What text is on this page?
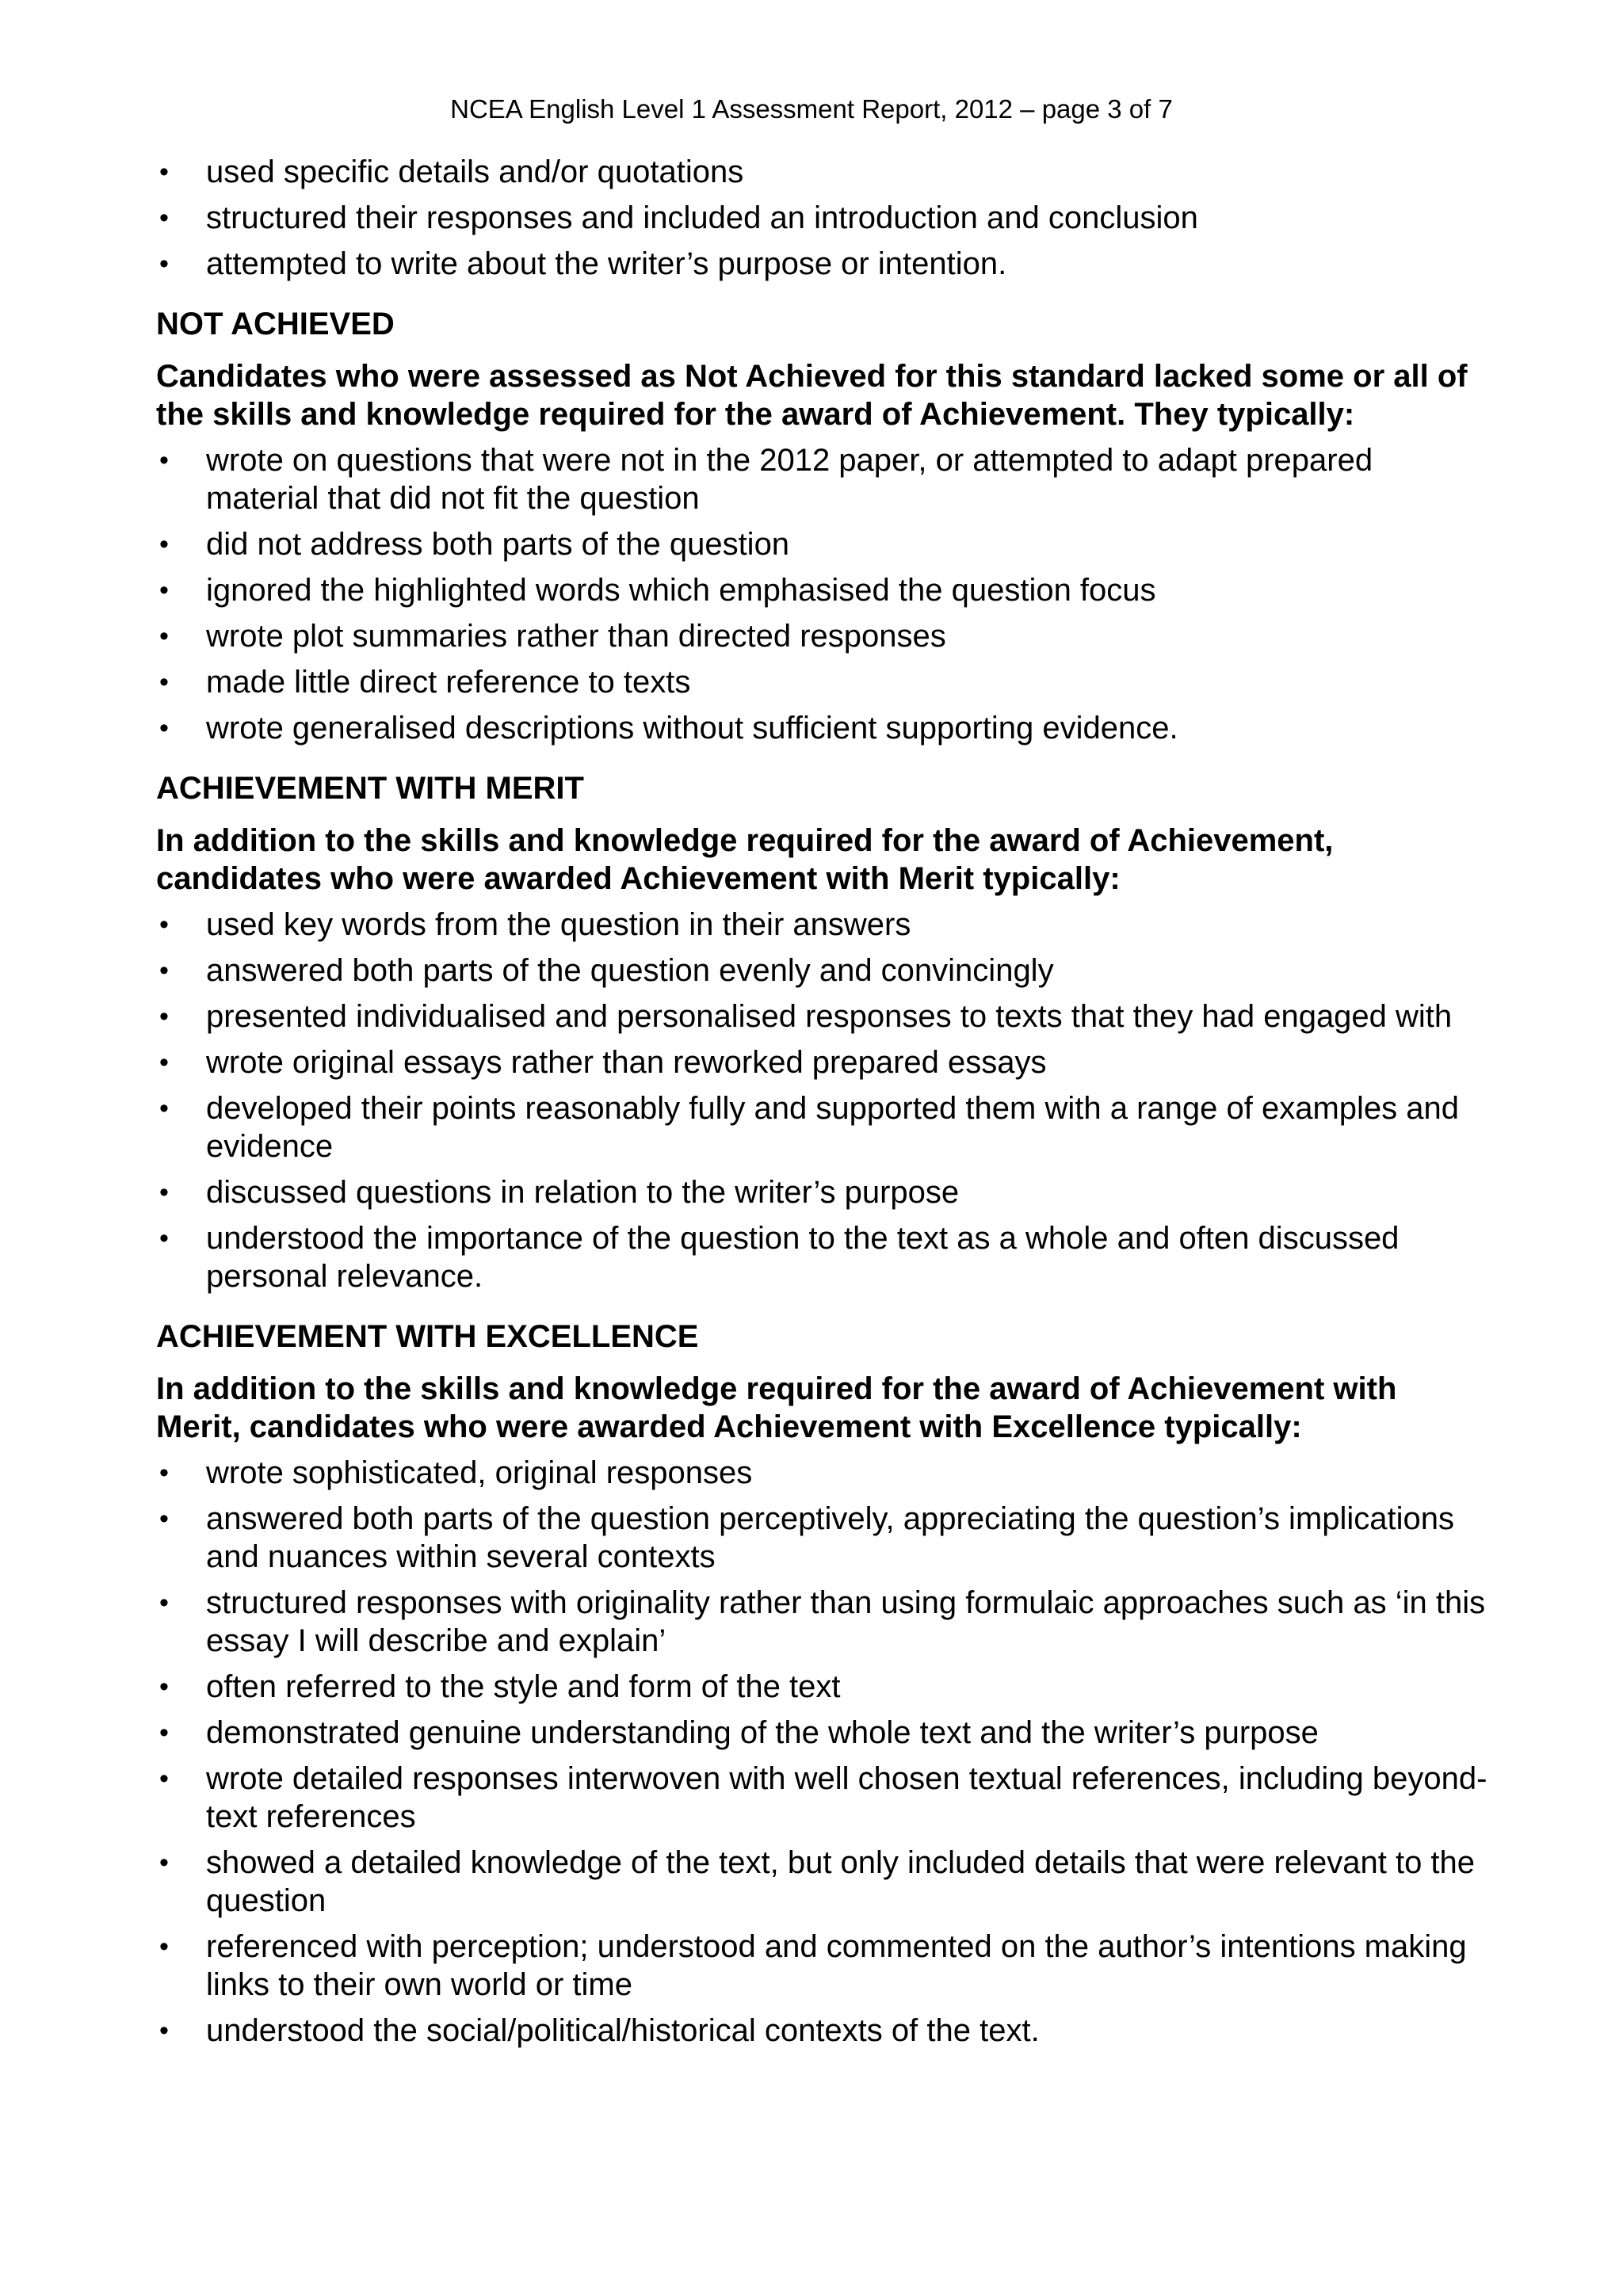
NCEA English Level 1 Assessment Report, 2012 – page 3 of 7

• used specific details and/or quotations
• structured their responses and included an introduction and conclusion
• attempted to write about the writer’s purpose or intention.
NOT ACHIEVED

Candidates who were assessed as Not Achieved for this standard lacked some or all of the skills and knowledge required for the award of Achievement. They typically:

• wrote on questions that were not in the 2012 paper, or attempted to adapt prepared material that did not fit the question
• did not address both parts of the question
• ignored the highlighted words which emphasised the question focus
• wrote plot summaries rather than directed responses
• made little direct reference to texts
• wrote generalised descriptions without sufficient supporting evidence.
ACHIEVEMENT WITH MERIT

In addition to the skills and knowledge required for the award of Achievement, candidates who were awarded Achievement with Merit typically:

• used key words from the question in their answers
• answered both parts of the question evenly and convincingly
• presented individualised and personalised responses to texts that they had engaged with
• wrote original essays rather than reworked prepared essays
• developed their points reasonably fully and supported them with a range of examples and evidence
• discussed questions in relation to the writer’s purpose
• understood the importance of the question to the text as a whole and often discussed personal relevance.
ACHIEVEMENT WITH EXCELLENCE

In addition to the skills and knowledge required for the award of Achievement with Merit, candidates who were awarded Achievement with Excellence typically:

• wrote sophisticated, original responses
• answered both parts of the question perceptively, appreciating the question’s implications and nuances within several contexts
• structured responses with originality rather than using formulaic approaches such as ‘in this essay I will describe and explain’
• often referred to the style and form of the text
• demonstrated genuine understanding of the whole text and the writer’s purpose
• wrote detailed responses interwoven with well chosen textual references, including beyond-text references
• showed a detailed knowledge of the text, but only included details that were relevant to the question
• referenced with perception; understood and commented on the author’s intentions making links to their own world or time
• understood the social/political/historical contexts of the text.
